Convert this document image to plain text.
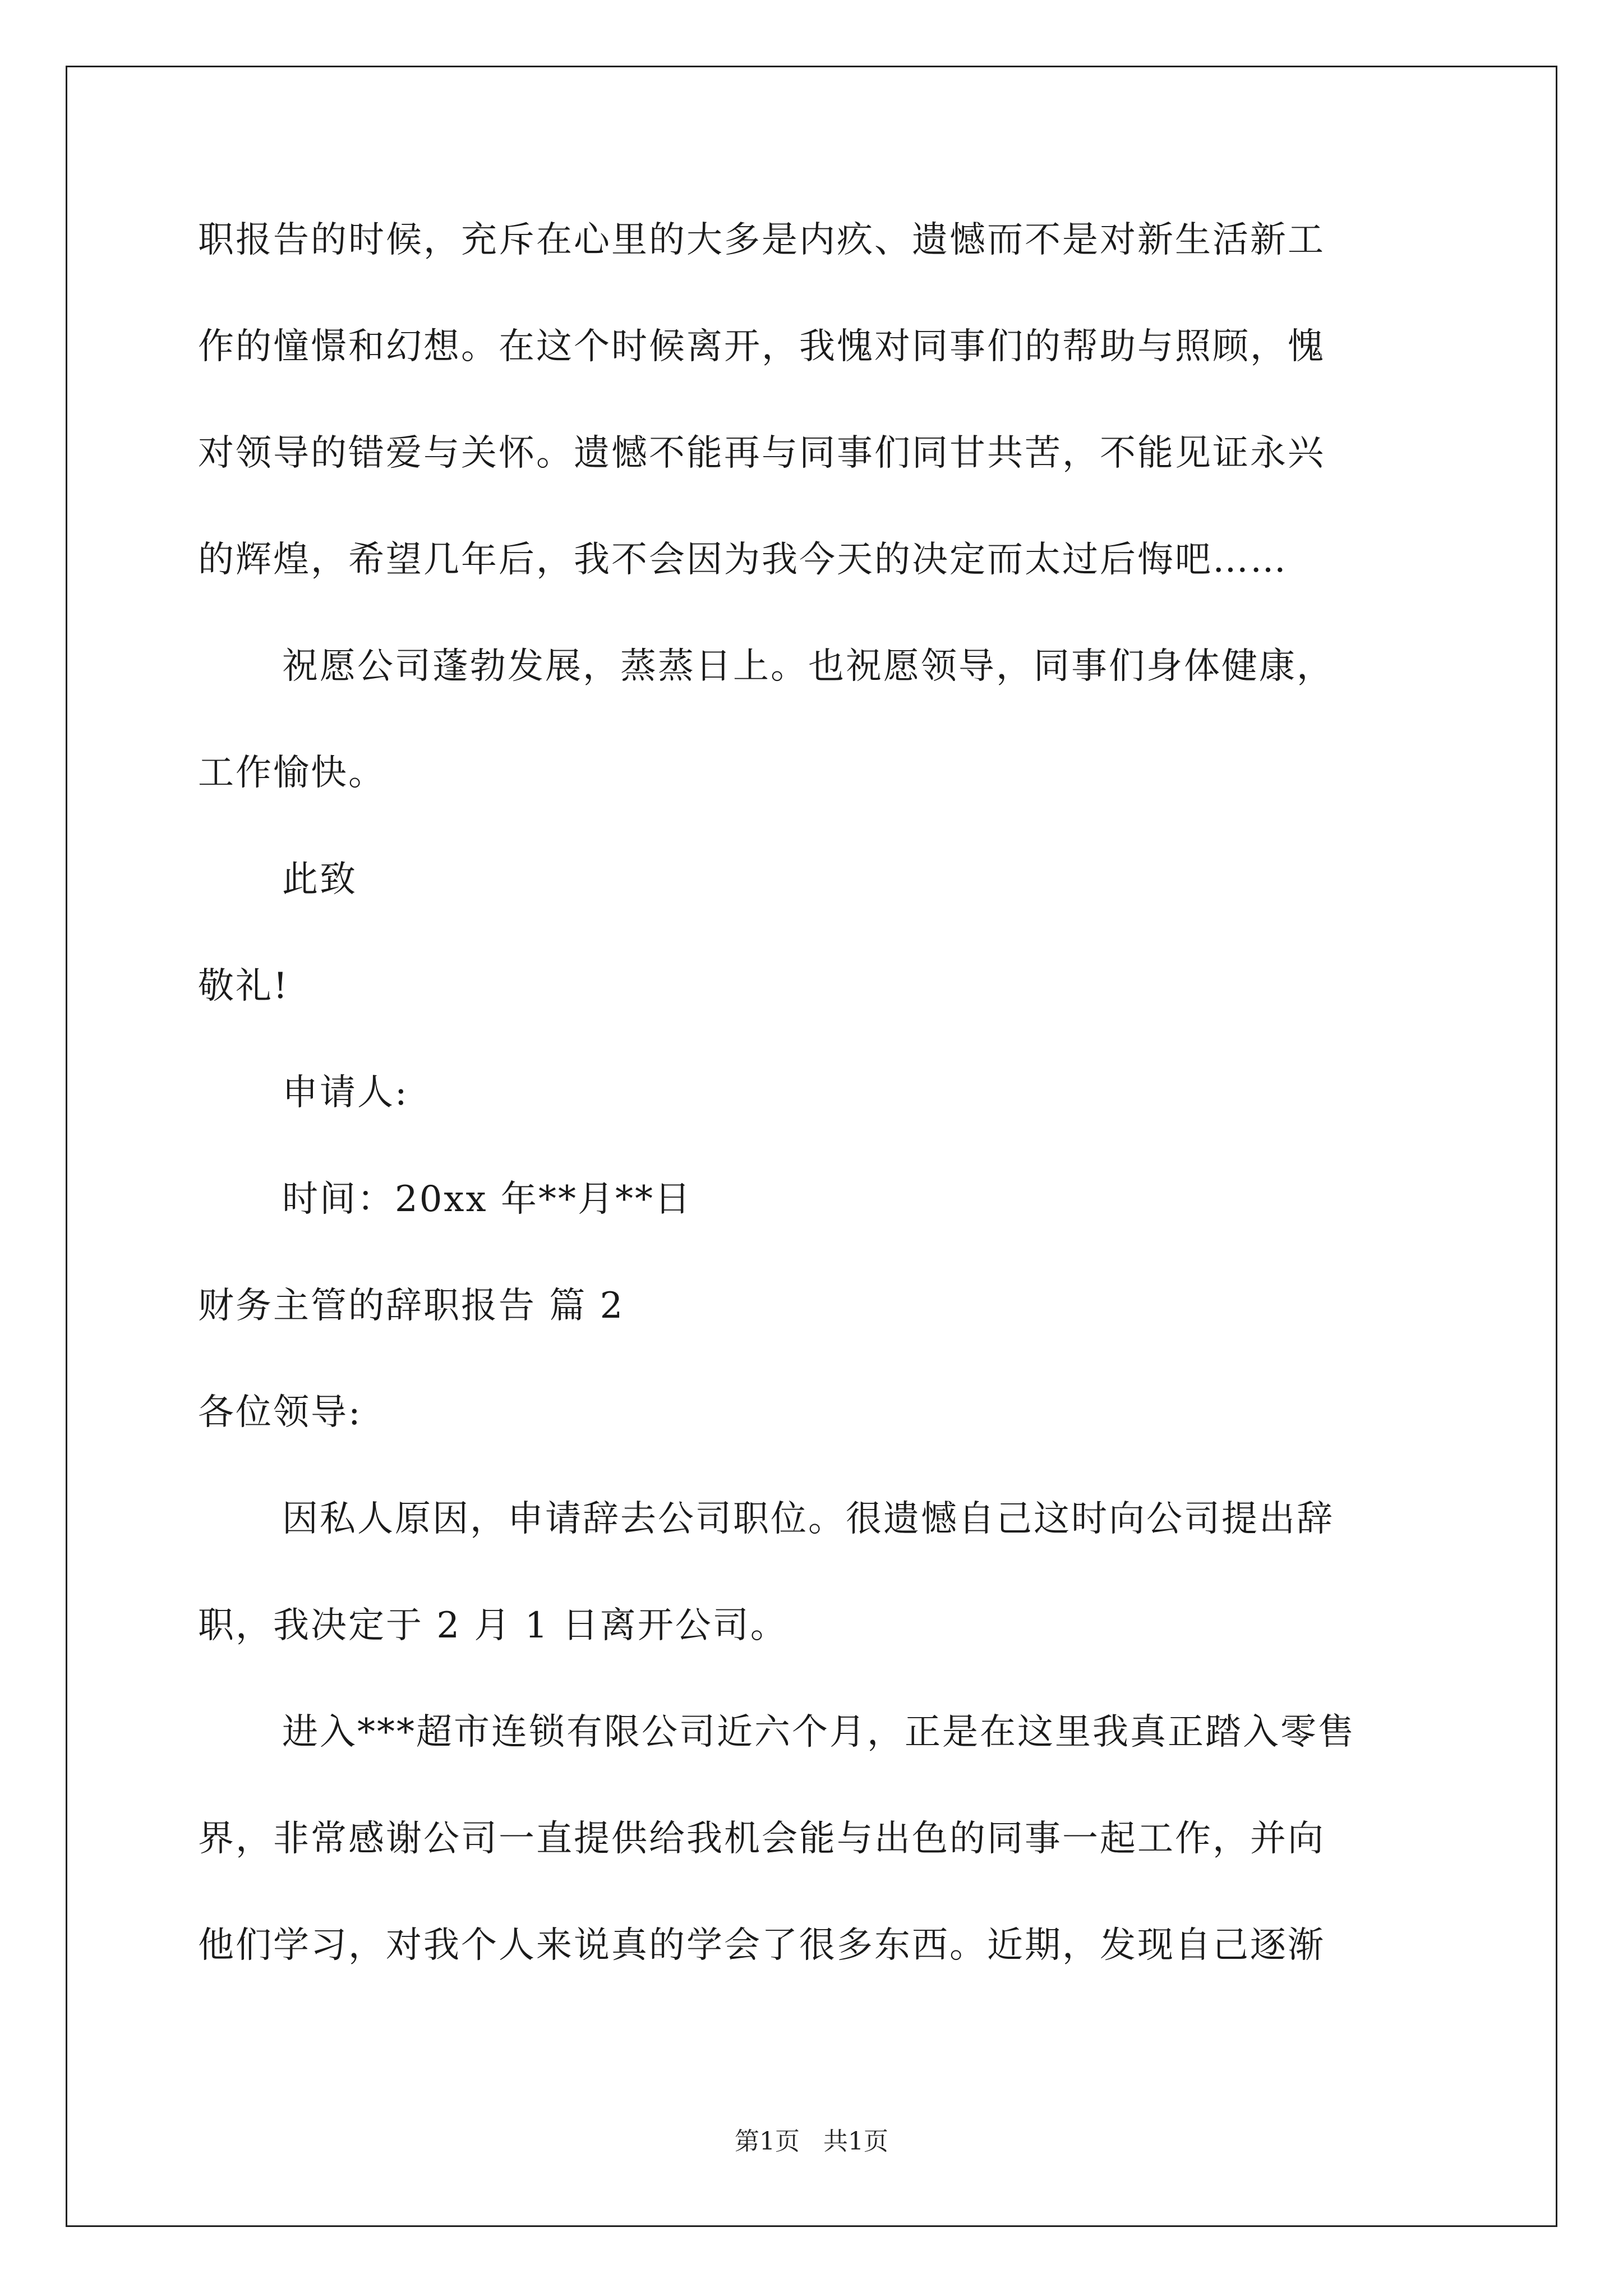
职报告的时候，充斥在心里的大多是内疚、遗憾而不是对新生活新工
作的憧憬和幻想。在这个时候离开，我愧对同事们的帮助与照顾，愧
对领导的错爱与关怀。遗憾不能再与同事们同甘共苦，不能见证永兴
的辉煌，希望几年后，我不会因为我今天的决定而太过后悔吧……
祝愿公司蓬勃发展，蒸蒸日上。也祝愿领导，同事们身体健康，
工作愉快。
此致
敬礼!
申请人:
时间：20xx 年**月**日
财务主管的辞职报告 篇 2
各位领导:
因私人原因，申请辞去公司职位。很遗憾自己这时向公司提出辞
职，我决定于 2 月 1 日离开公司。
进入***超市连锁有限公司近六个月，正是在这里我真正踏入零售
界，非常感谢公司一直提供给我机会能与出色的同事一起工作，并向
他们学习，对我个人来说真的学会了很多东西。近期，发现自己逐渐
第1页 共1页
